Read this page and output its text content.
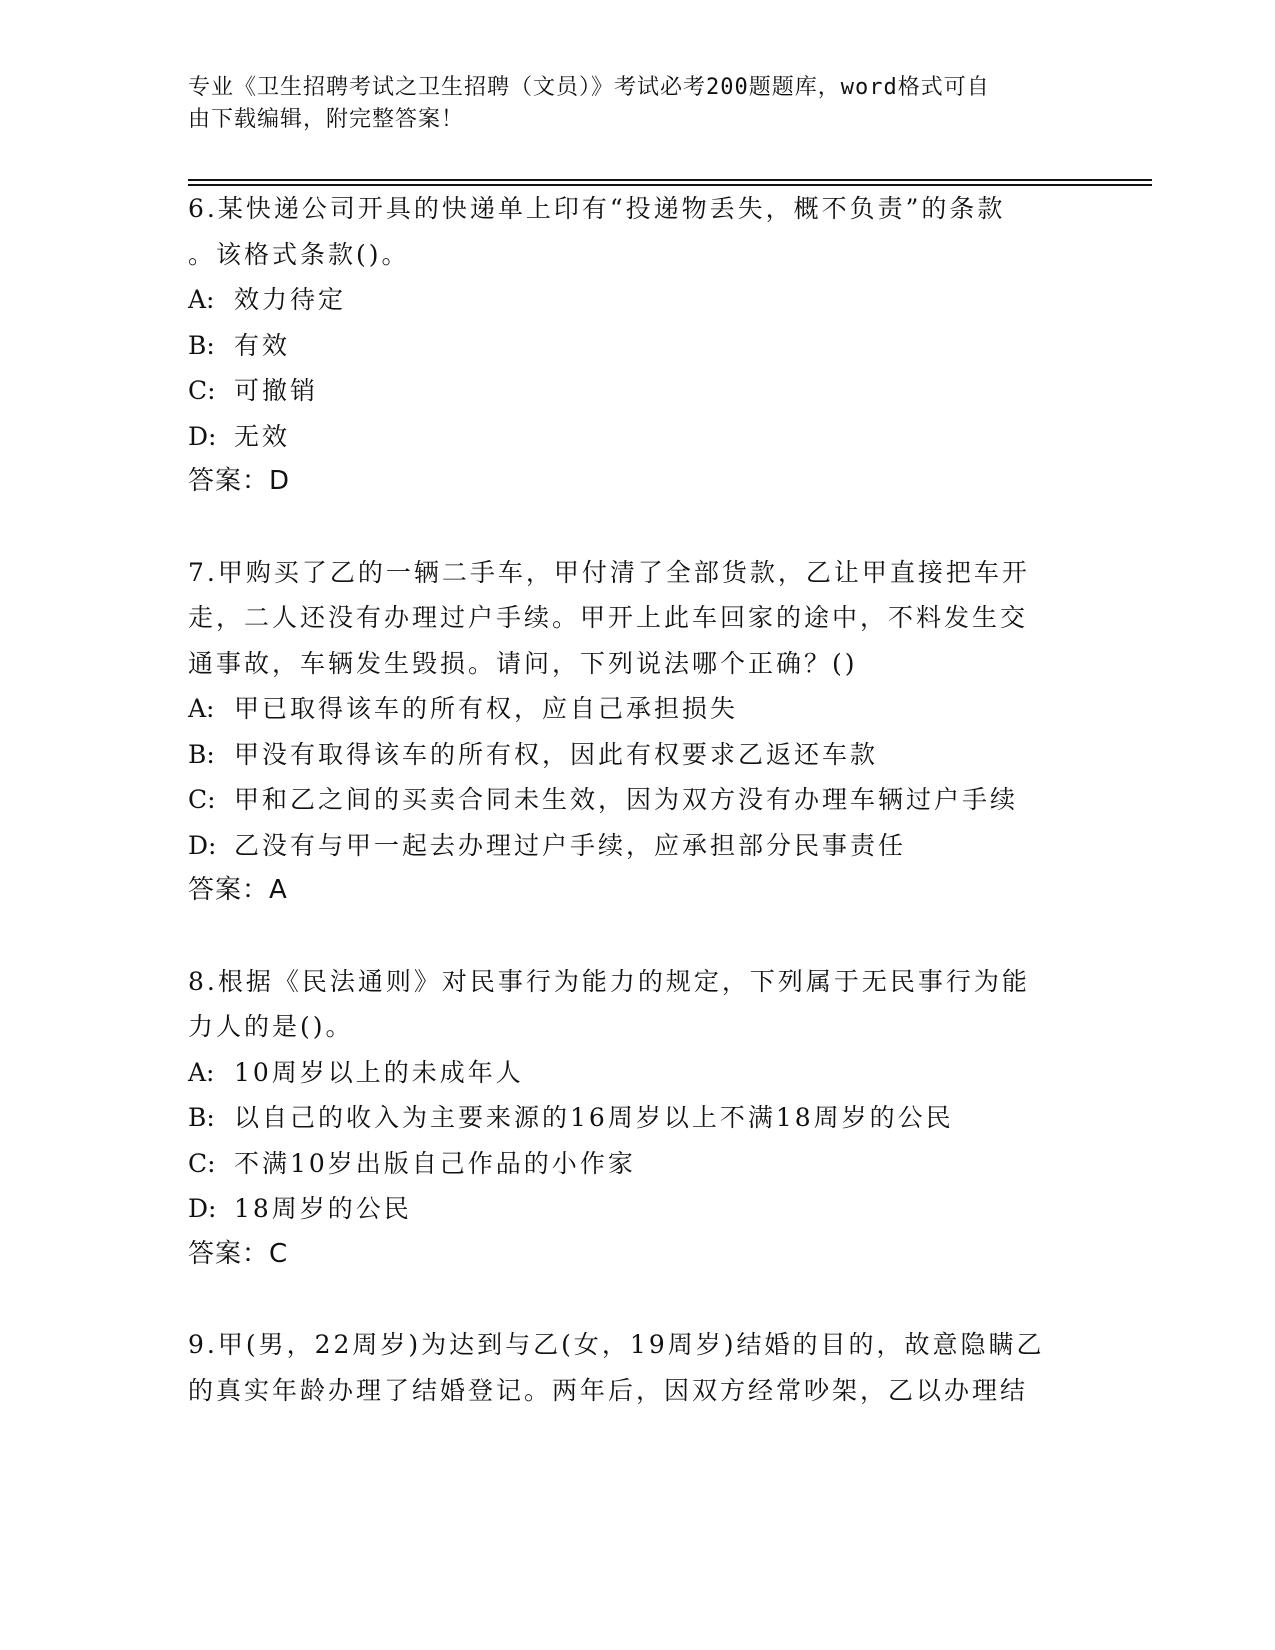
专业《卫生招聘考试之卫生招聘（文员）》考试必考200题题库，word格式可自
由下载编辑，附完整答案！
6.某快递公司开具的快递单上印有“投递物丢失，概不负责”的条款
。该格式条款()。
A: 效力待定
B: 有效
C: 可撤销
D: 无效
答案：D
7.甲购买了乙的一辆二手车，甲付清了全部货款，乙让甲直接把车开
走，二人还没有办理过户手续。甲开上此车回家的途中，不料发生交
通事故，车辆发生毁损。请问，下列说法哪个正确？()
A: 甲已取得该车的所有权，应自己承担损失
B: 甲没有取得该车的所有权，因此有权要求乙返还车款
C: 甲和乙之间的买卖合同未生效，因为双方没有办理车辆过户手续
D: 乙没有与甲一起去办理过户手续，应承担部分民事责任
答案：A
8.根据《民法通则》对民事行为能力的规定，下列属于无民事行为能
力人的是()。
A: 10周岁以上的未成年人
B: 以自己的收入为主要来源的16周岁以上不满18周岁的公民
C: 不满10岁出版自己作品的小作家
D: 18周岁的公民
答案：C
9.甲(男，22周岁)为达到与乙(女，19周岁)结婚的目的，故意隐瞒乙
的真实年龄办理了结婚登记。两年后，因双方经常吵架，乙以办理结
